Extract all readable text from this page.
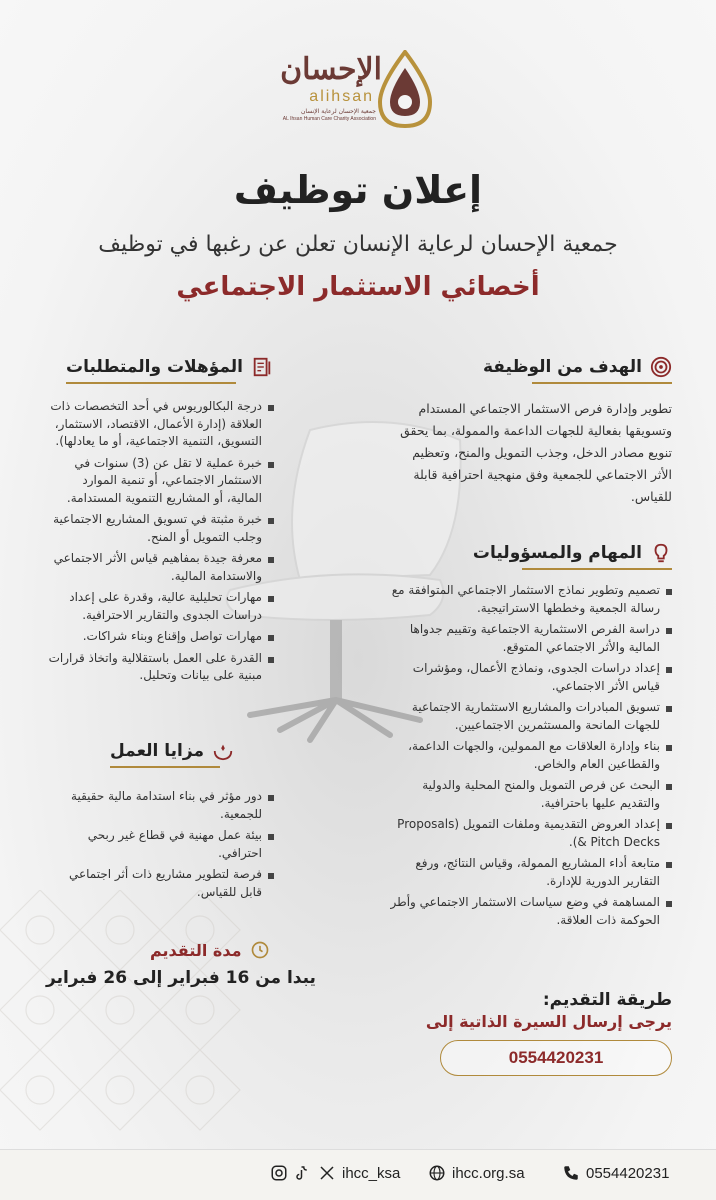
الإحسان
alihsan
جمعية الإحسان لرعاية الإنسان
AL Ihsan Human Care Charity Association
إعلان توظيف
جمعية الإحسان لرعاية الإنسان تعلن عن رغبها في توظيف
أخصائي الاستثمار الاجتماعي
الهدف من الوظيفة
تطوير وإدارة فرص الاستثمار الاجتماعي المستدام وتسويقها بفعالية للجهات الداعمة والممولة، بما يحقق تنويع مصادر الدخل، وجذب التمويل والمنح، وتعظيم الأثر الاجتماعي للجمعية وفق منهجية احترافية قابلة للقياس.
المهام والمسؤوليات
تصميم وتطوير نماذج الاستثمار الاجتماعي المتوافقة مع رسالة الجمعية وخططها الاستراتيجية.
دراسة الفرص الاستثمارية الاجتماعية وتقييم جدواها المالية والأثر الاجتماعي المتوقع.
إعداد دراسات الجدوى، ونماذج الأعمال، ومؤشرات قياس الأثر الاجتماعي.
تسويق المبادرات والمشاريع الاستثمارية الاجتماعية للجهات المانحة والمستثمرين الاجتماعيين.
بناء وإدارة العلاقات مع الممولين، والجهات الداعمة، والقطاعين العام والخاص.
البحث عن فرص التمويل والمنح المحلية والدولية والتقديم عليها باحترافية.
إعداد العروض التقديمية وملفات التمويل (Proposals & Pitch Decks).
متابعة أداء المشاريع الممولة، وقياس النتائج، ورفع التقارير الدورية للإدارة.
المساهمة في وضع سياسات الاستثمار الاجتماعي وأطر الحوكمة ذات العلاقة.
المؤهلات والمتطلبات
درجة البكالوريوس في أحد التخصصات ذات العلاقة (إدارة الأعمال، الاقتصاد، الاستثمار، التسويق، التنمية الاجتماعية، أو ما يعادلها).
خبرة عملية لا تقل عن (3) سنوات في الاستثمار الاجتماعي، أو تنمية الموارد المالية، أو المشاريع التنموية المستدامة.
خبرة مثبتة في تسويق المشاريع الاجتماعية وجلب التمويل أو المنح.
معرفة جيدة بمفاهيم قياس الأثر الاجتماعي والاستدامة المالية.
مهارات تحليلية عالية، وقدرة على إعداد دراسات الجدوى والتقارير الاحترافية.
مهارات تواصل وإقناع وبناء شراكات.
القدرة على العمل باستقلالية واتخاذ قرارات مبنية على بيانات وتحليل.
مزايا العمل
دور مؤثر في بناء استدامة مالية حقيقية للجمعية.
بيئة عمل مهنية في قطاع غير ربحي احترافي.
فرصة لتطوير مشاريع ذات أثر اجتماعي قابل للقياس.
مدة التقديم
يبدا من 16 فبراير إلى 26 فبراير
طريقة التقديم:
يرجى إرسال السيرة الذاتية إلى
0554420231
ihcc_ksa	ihcc.org.sa	0554420231
